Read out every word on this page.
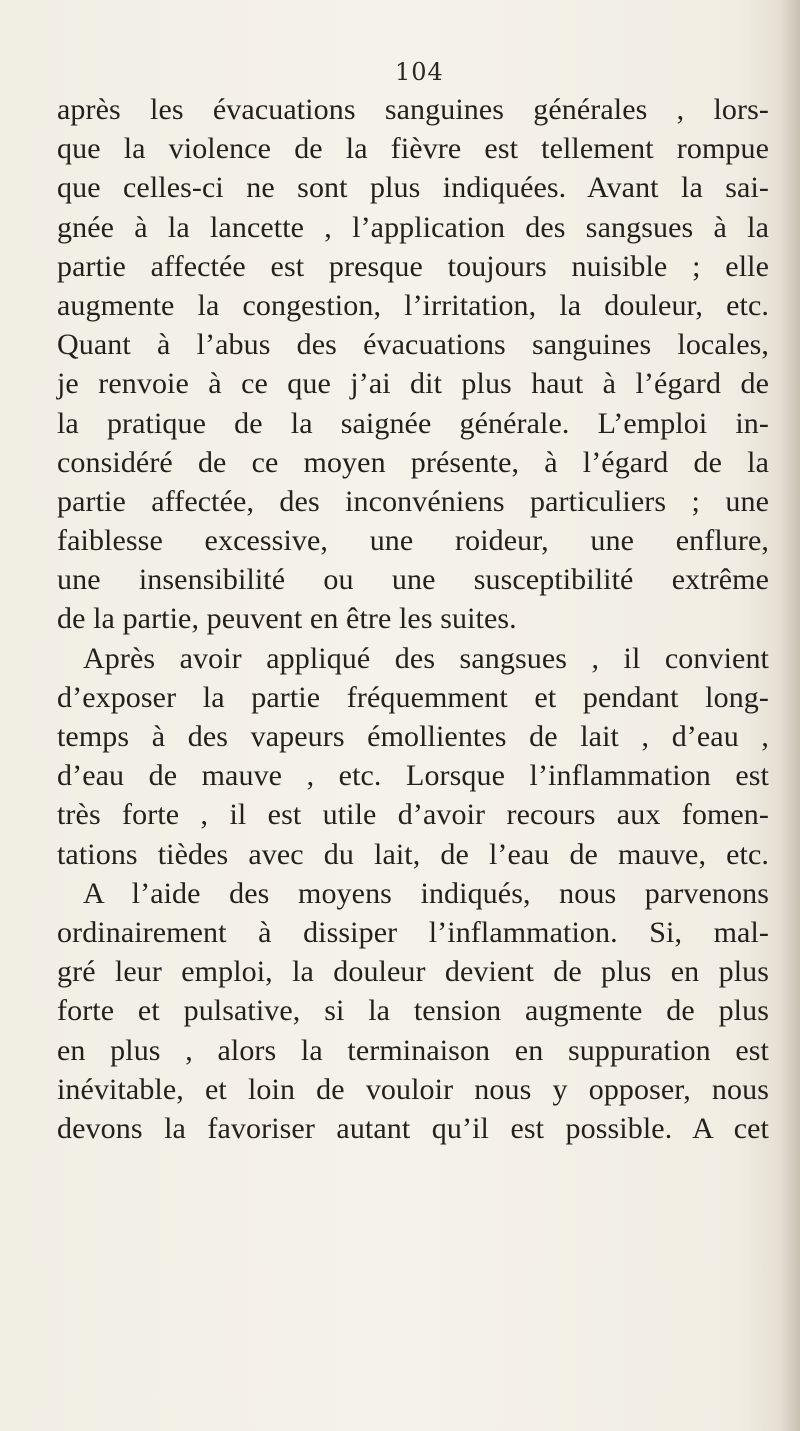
104
après les évacuations sanguines générales , lors-
que la violence de la fièvre est tellement rompue
que celles-ci ne sont plus indiquées. Avant la sai-
gnée à la lancette , l’application des sangsues à la
partie affectée est presque toujours nuisible ; elle
augmente la congestion, l’irritation, la douleur, etc.
Quant à l’abus des évacuations sanguines locales,
je renvoie à ce que j’ai dit plus haut à l’égard de
la pratique de la saignée générale. L’emploi in-
considéré de ce moyen présente, à l’égard de la
partie affectée, des inconvéniens particuliers ; une
faiblesse excessive, une roideur, une enflure,
une insensibilité ou une susceptibilité extrême
de la partie, peuvent en être les suites.
Après avoir appliqué des sangsues , il convient
d’exposer la partie fréquemment et pendant long-
temps à des vapeurs émollientes de lait , d’eau ,
d’eau de mauve , etc. Lorsque l’inflammation est
très forte , il est utile d’avoir recours aux fomen-
tations tièdes avec du lait, de l’eau de mauve, etc.
A l’aide des moyens indiqués, nous parvenons
ordinairement à dissiper l’inflammation. Si, mal-
gré leur emploi, la douleur devient de plus en plus
forte et pulsative, si la tension augmente de plus
en plus , alors la terminaison en suppuration est
inévitable, et loin de vouloir nous y opposer, nous
devons la favoriser autant qu’il est possible. A cet
